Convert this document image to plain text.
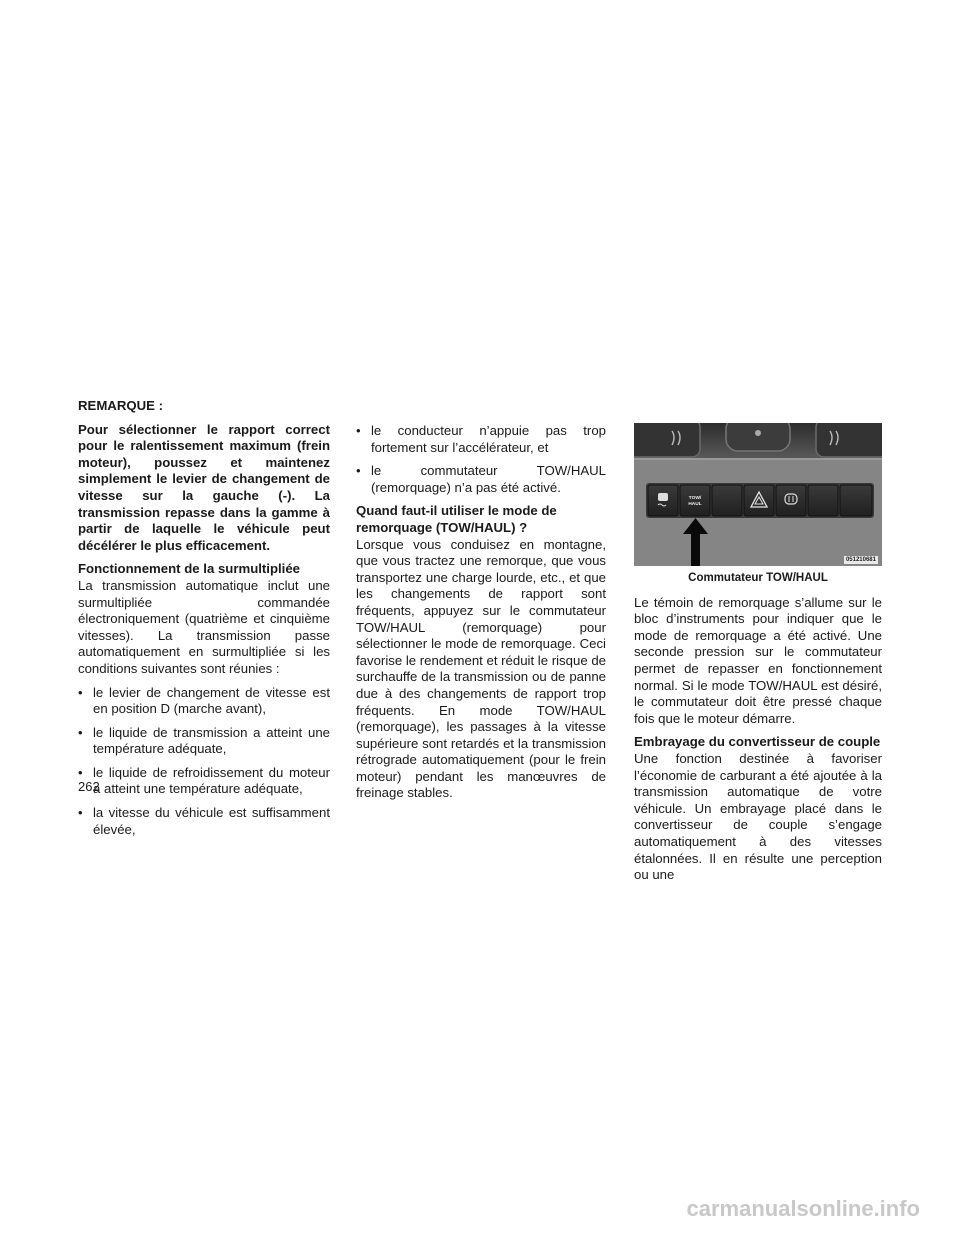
REMARQUE :

Pour sélectionner le rapport correct pour le ralentissement maximum (frein moteur), poussez et maintenez simplement le levier de changement de vitesse sur la gauche (-). La transmission repasse dans la gamme à partir de laquelle le véhicule peut décélérer le plus efficacement.

Fonctionnement de la surmultipliée

La transmission automatique inclut une surmultipliée commandée électroniquement (quatrième et cinquième vitesses). La transmission passe automatiquement en surmultipliée si les conditions suivantes sont réunies :

• le levier de changement de vitesse est en position D (marche avant),
• le liquide de transmission a atteint une température adéquate,
• le liquide de refroidissement du moteur a atteint une température adéquate,
• la vitesse du véhicule est suffisamment élevée,
• le conducteur n’appuie pas trop fortement sur l’accélérateur, et
• le commutateur TOW/HAUL (remorquage) n’a pas été activé.

Quand faut-il utiliser le mode de remorquage (TOW/HAUL) ?

Lorsque vous conduisez en montagne, que vous tractez une remorque, que vous transportez une charge lourde, etc., et que les changements de rapport sont fréquents, appuyez sur le commutateur TOW/HAUL (remorquage) pour sélectionner le mode de remorquage. Ceci favorise le rendement et réduit le risque de surchauffe de la transmission ou de panne due à des changements de rapport trop fréquents. En mode TOW/HAUL (remorquage), les passages à la vitesse supérieure sont retardés et la transmission rétrograde automatiquement (pour le frein moteur) pendant les manœuvres de freinage stables.

TOW/
HAUL
051210681
Commutateur TOW/HAUL

Le témoin de remorquage s’allume sur le bloc d’instruments pour indiquer que le mode de remorquage a été activé. Une seconde pression sur le commutateur permet de repasser en fonctionnement normal. Si le mode TOW/HAUL est désiré, le commutateur doit être pressé chaque fois que le moteur démarre.

Embrayage du convertisseur de couple

Une fonction destinée à favoriser l’économie de carburant a été ajoutée à la transmission automatique de votre véhicule. Un embrayage placé dans le convertisseur de couple s’engage automatiquement à des vitesses étalonnées. Il en résulte une perception ou une

262
carmanualsonline.info
